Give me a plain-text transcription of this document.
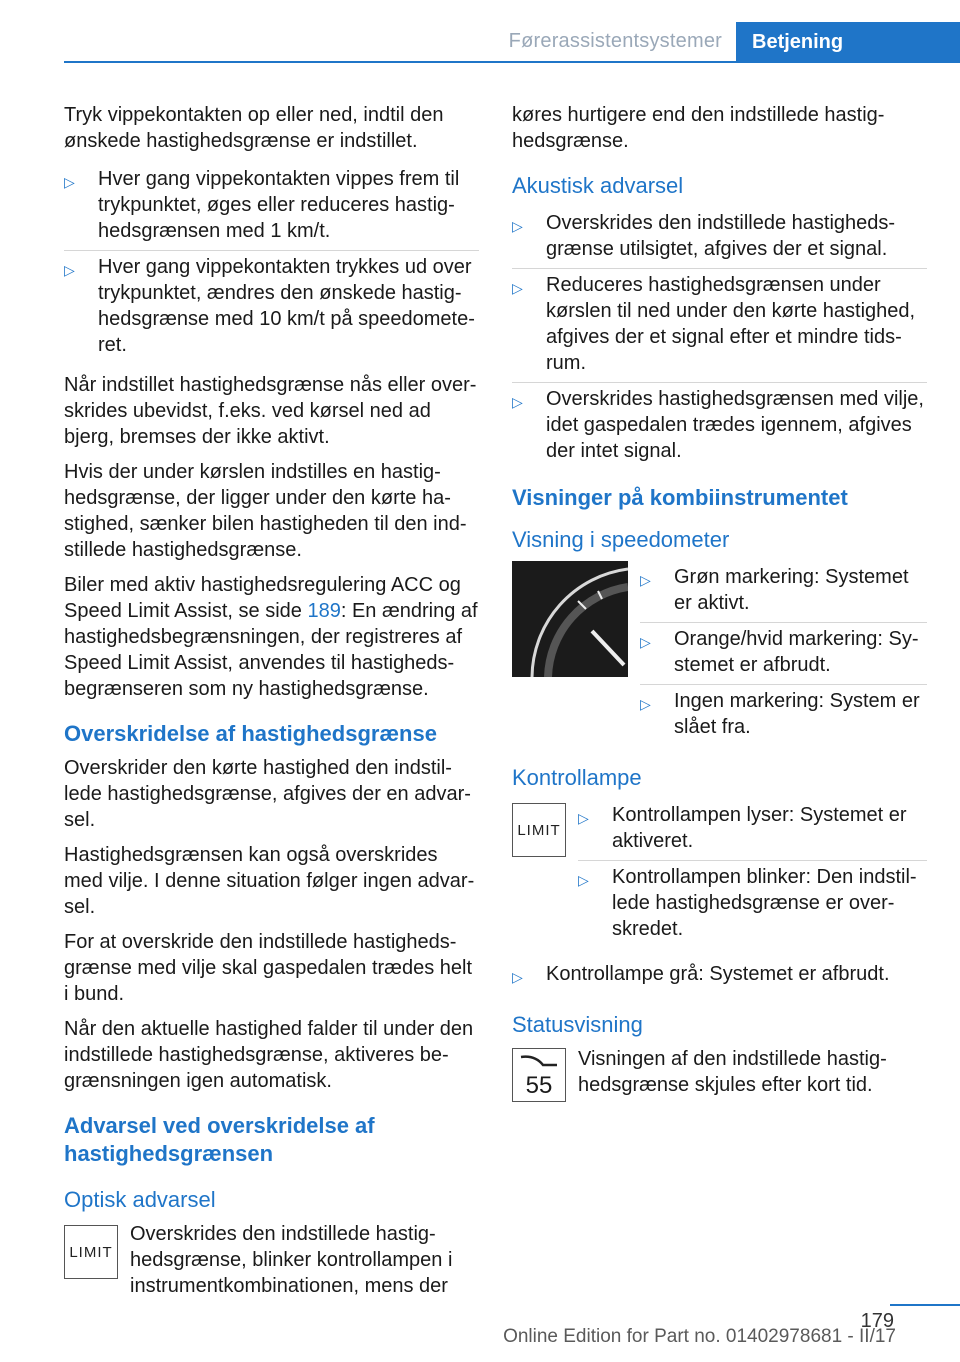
Førerassistentsystemer	Betjening

Tryk vippekontakten op eller ned, indtil den ønskede hastighedsgrænse er indstillet.

▷ Hver gang vippekontakten vippes frem til trykpunktet, øges eller reduceres hastig‐hedsgrænsen med 1 km/t.
▷ Hver gang vippekontakten trykkes ud over trykpunktet, ændres den ønskede hastig‐hedsgrænse med 10 km/t på speedomete‐ret.

Når indstillet hastighedsgrænse nås eller over‐skrides ubevidst, f.eks. ved kørsel ned ad bjerg, bremses der ikke aktivt.

Hvis der under kørslen indstilles en hastig‐hedsgrænse, der ligger under den kørte ha‐stighed, sænker bilen hastigheden til den ind‐stillede hastighedsgrænse.

Biler med aktiv hastighedsregulering ACC og Speed Limit Assist, se side 189: En ændring af hastighedsbegrænsningen, der registreres af Speed Limit Assist, anvendes til hastigheds‐begrænseren som ny hastighedsgrænse.

Overskridelse af hastighedsgrænse

Overskrider den kørte hastighed den indstil‐lede hastighedsgrænse, afgives der en advar‐sel.

Hastighedsgrænsen kan også overskrides med vilje. I denne situation følger ingen advar‐sel.

For at overskride den indstillede hastigheds‐grænse med vilje skal gaspedalen trædes helt i bund.

Når den aktuelle hastighed falder til under den indstillede hastighedsgrænse, aktiveres be‐grænsningen igen automatisk.

Advarsel ved overskridelse af hastighedsgrænsen
Optisk advarsel
LIMIT

Overskrides den indstillede hastig‐hedsgrænse, blinker kontrollampen i instrumentkombinationen, mens der

køres hurtigere end den indstillede hastig‐hedsgrænse.

Akustisk advarsel
▷ Overskrides den indstillede hastigheds‐grænse utilsigtet, afgives der et signal.
▷ Reduceres hastighedsgrænsen under kørslen til ned under den kørte hastighed, afgives der et signal efter et mindre tids‐rum.
▷ Overskrides hastighedsgrænsen med vilje, idet gaspedalen trædes igennem, afgives der intet signal.
Visninger på kombiinstrumentet
Visning i speedometer
▷ Grøn markering: Systemet er aktivt.
▷ Orange/hvid markering: Sy‐stemet er afbrudt.
▷ Ingen markering: System er slået fra.
Kontrollampe
LIMIT
▷ Kontrollampen lyser: Systemet er aktiveret.
▷ Kontrollampen blinker: Den indstil‐lede hastighedsgrænse er over‐skredet.
▷ Kontrollampe grå: Systemet er afbrudt.
Statusvisning
55

Visningen af den indstillede hastig‐hedsgrænse skjules efter kort tid.

179
Online Edition for Part no. 01402978681 - II/17
